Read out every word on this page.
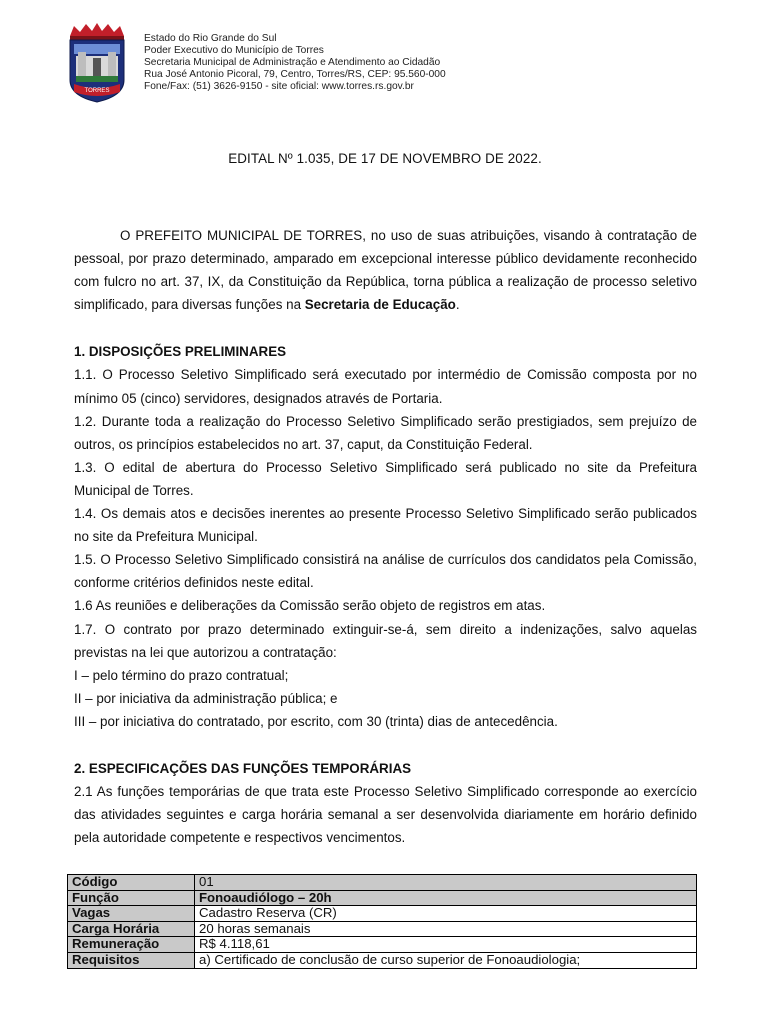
TORRES
Estado do Rio Grande do Sul
Poder Executivo do Município de Torres
Secretaria Municipal de Administração e Atendimento ao Cidadão
Rua José Antonio Picoral, 79, Centro, Torres/RS, CEP: 95.560-000
Fone/Fax: (51) 3626-9150 - site oficial: www.torres.rs.gov.br
EDITAL Nº 1.035, DE 17 DE NOVEMBRO DE 2022.

O PREFEITO MUNICIPAL DE TORRES, no uso de suas atribuições, visando à contratação de pessoal, por prazo determinado, amparado em excepcional interesse público devidamente reconhecido com fulcro no art. 37, IX, da Constituição da República, torna pública a realização de processo seletivo simplificado, para diversas funções na Secretaria de Educação.

1. DISPOSIÇÕES PRELIMINARES

1.1. O Processo Seletivo Simplificado será executado por intermédio de Comissão composta por no mínimo 05 (cinco) servidores, designados através de Portaria.

1.2. Durante toda a realização do Processo Seletivo Simplificado serão prestigiados, sem prejuízo de outros, os princípios estabelecidos no art. 37, caput, da Constituição Federal.

1.3. O edital de abertura do Processo Seletivo Simplificado será publicado no site da Prefeitura Municipal de Torres.

1.4. Os demais atos e decisões inerentes ao presente Processo Seletivo Simplificado serão publicados no site da Prefeitura Municipal.

1.5. O Processo Seletivo Simplificado consistirá na análise de currículos dos candidatos pela Comissão, conforme critérios definidos neste edital.

1.6 As reuniões e deliberações da Comissão serão objeto de registros em atas.

1.7. O contrato por prazo determinado extinguir-se-á, sem direito a indenizações, salvo aquelas previstas na lei que autorizou a contratação:

I – pelo término do prazo contratual;

II – por iniciativa da administração pública; e

III – por iniciativa do contratado, por escrito, com 30 (trinta) dias de antecedência.

2. ESPECIFICAÇÕES DAS FUNÇÕES TEMPORÁRIAS

2.1 As funções temporárias de que trata este Processo Seletivo Simplificado corresponde ao exercício das atividades seguintes e carga horária semanal a ser desenvolvida diariamente em horário definido pela autoridade competente e respectivos vencimentos.

Código	01
Função	Fonoaudiólogo – 20h
Vagas	Cadastro Reserva (CR)
Carga Horária	20 horas semanais
Remuneração	R$ 4.118,61
Requisitos	a) Certificado de conclusão de curso superior de Fonoaudiologia;
